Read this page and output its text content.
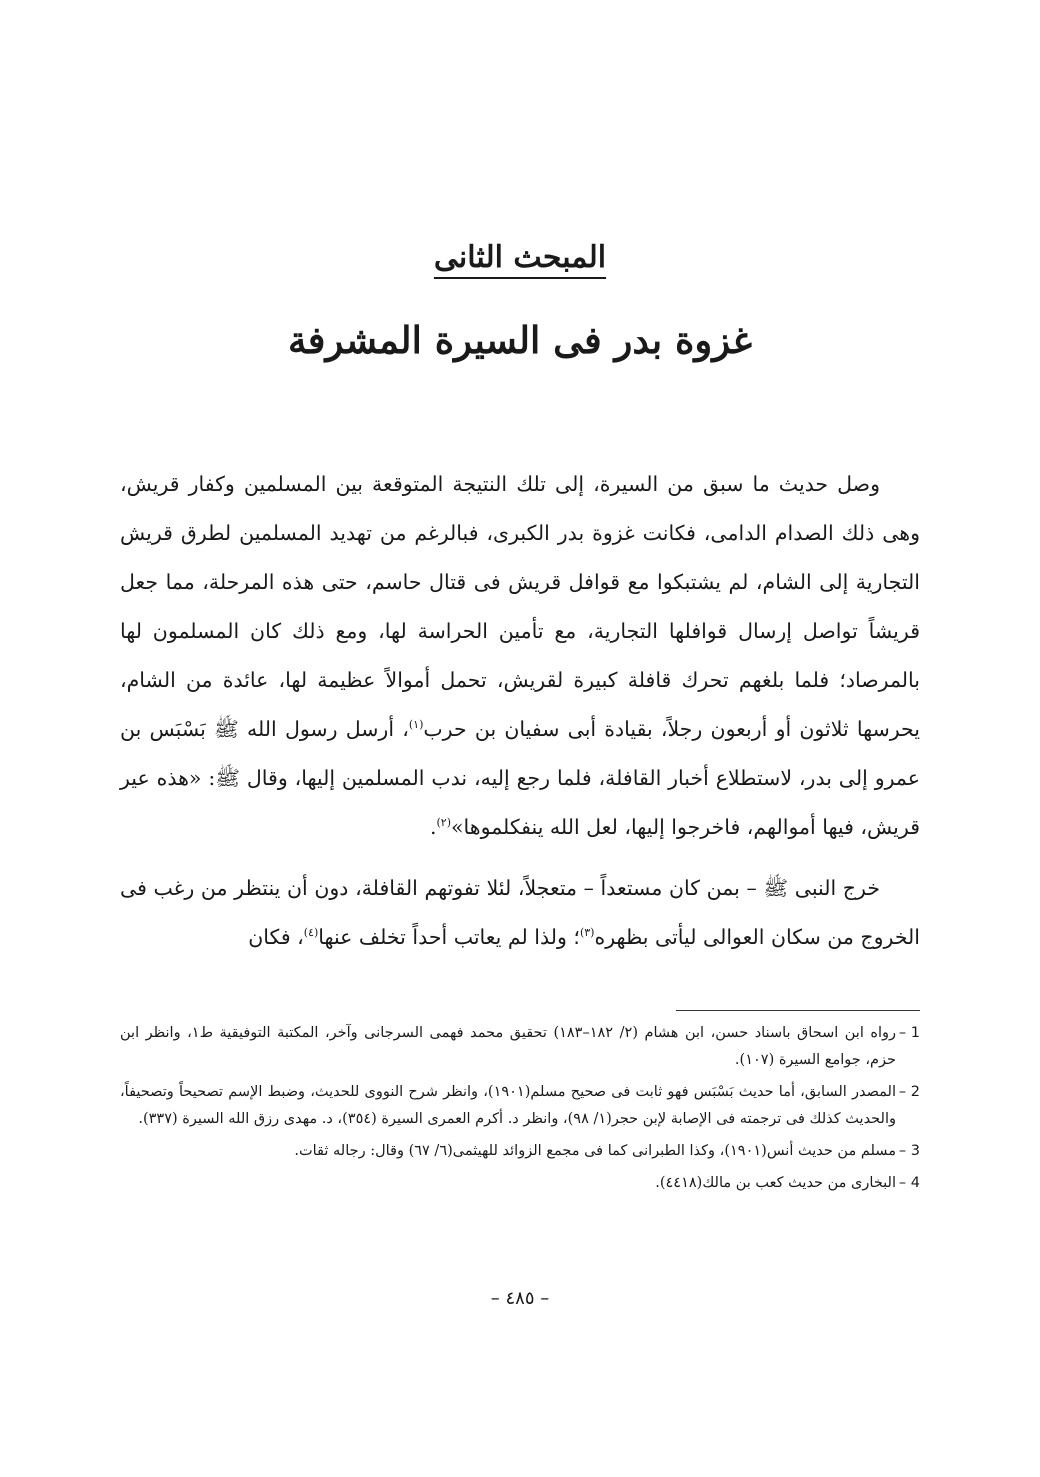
المبحث الثانى
غزوة بدر فى السيرة المشرفة

وصل حديث ما سبق من السيرة، إلى تلك النتيجة المتوقعة بين المسلمين وكفار قريش، وهى ذلك الصدام الدامى، فكانت غزوة بدر الكبرى، فبالرغم من تهديد المسلمين لطرق قريش التجارية إلى الشام، لم يشتبكوا مع قوافل قريش فى قتال حاسم، حتى هذه المرحلة، مما جعل قريشاً تواصل إرسال قوافلها التجارية، مع تأمين الحراسة لها، ومع ذلك كان المسلمون لها بالمرصاد؛ فلما بلغهم تحرك قافلة كبيرة لقريش، تحمل أموالاً عظيمة لها، عائدة من الشام، يحرسها ثلاثون أو أربعون رجلاً، بقيادة أبى سفيان بن حرب$^{(١)}$، أرسل رسول الله ﷺ بَسْبَس بن عمرو إلى بدر، لاستطلاع أخبار القافلة، فلما رجع إليه، ندب المسلمين إليها، وقال ﷺ: «هذه عير قريش، فيها أموالهم، فاخرجوا إليها، لعل الله ينفكلموها»$^{(٢)}$.

خرج النبى ﷺ – بمن كان مستعداً – متعجلاً، لئلا تفوتهم القافلة، دون أن ينتظر من رغب فى الخروج من سكان العوالى ليأتى بظهره$^{(٣)}$؛ ولذا لم يعاتب أحداً تخلف عنها$^{(٤)}$، فكان

1 –
رواه ابن اسحاق باسناد حسن، ابن هشام (٢/ ١٨٢–١٨٣) تحقيق محمد فهمى السرجانى وآخر، المكتبة التوفيقية ط١، وانظر ابن حزم، جوامع السيرة (١٠٧).
2 –
المصدر السابق، أما حديث بَسْبَس فهو ثابت فى صحيح مسلم(١٩٠١)، وانظر شرح النووى للحديث، وضبط الإسم تصحيحاً وتصحيفاً، والحديث كذلك فى ترجمته فى الإصابة لإبن حجر(١/ ٩٨)، وانظر د. أكرم العمرى السيرة (٣٥٤)، د. مهدى رزق الله السيرة (٣٣٧).
3 –
مسلم من حديث أنس(١٩٠١)، وكذا الطبرانى كما فى مجمع الزوائد للهيثمى(٦/ ٦٧) وقال: رجاله ثقات.
4 –
البخارى من حديث كعب بن مالك(٤٤١٨).
– ٤٨٥ –
